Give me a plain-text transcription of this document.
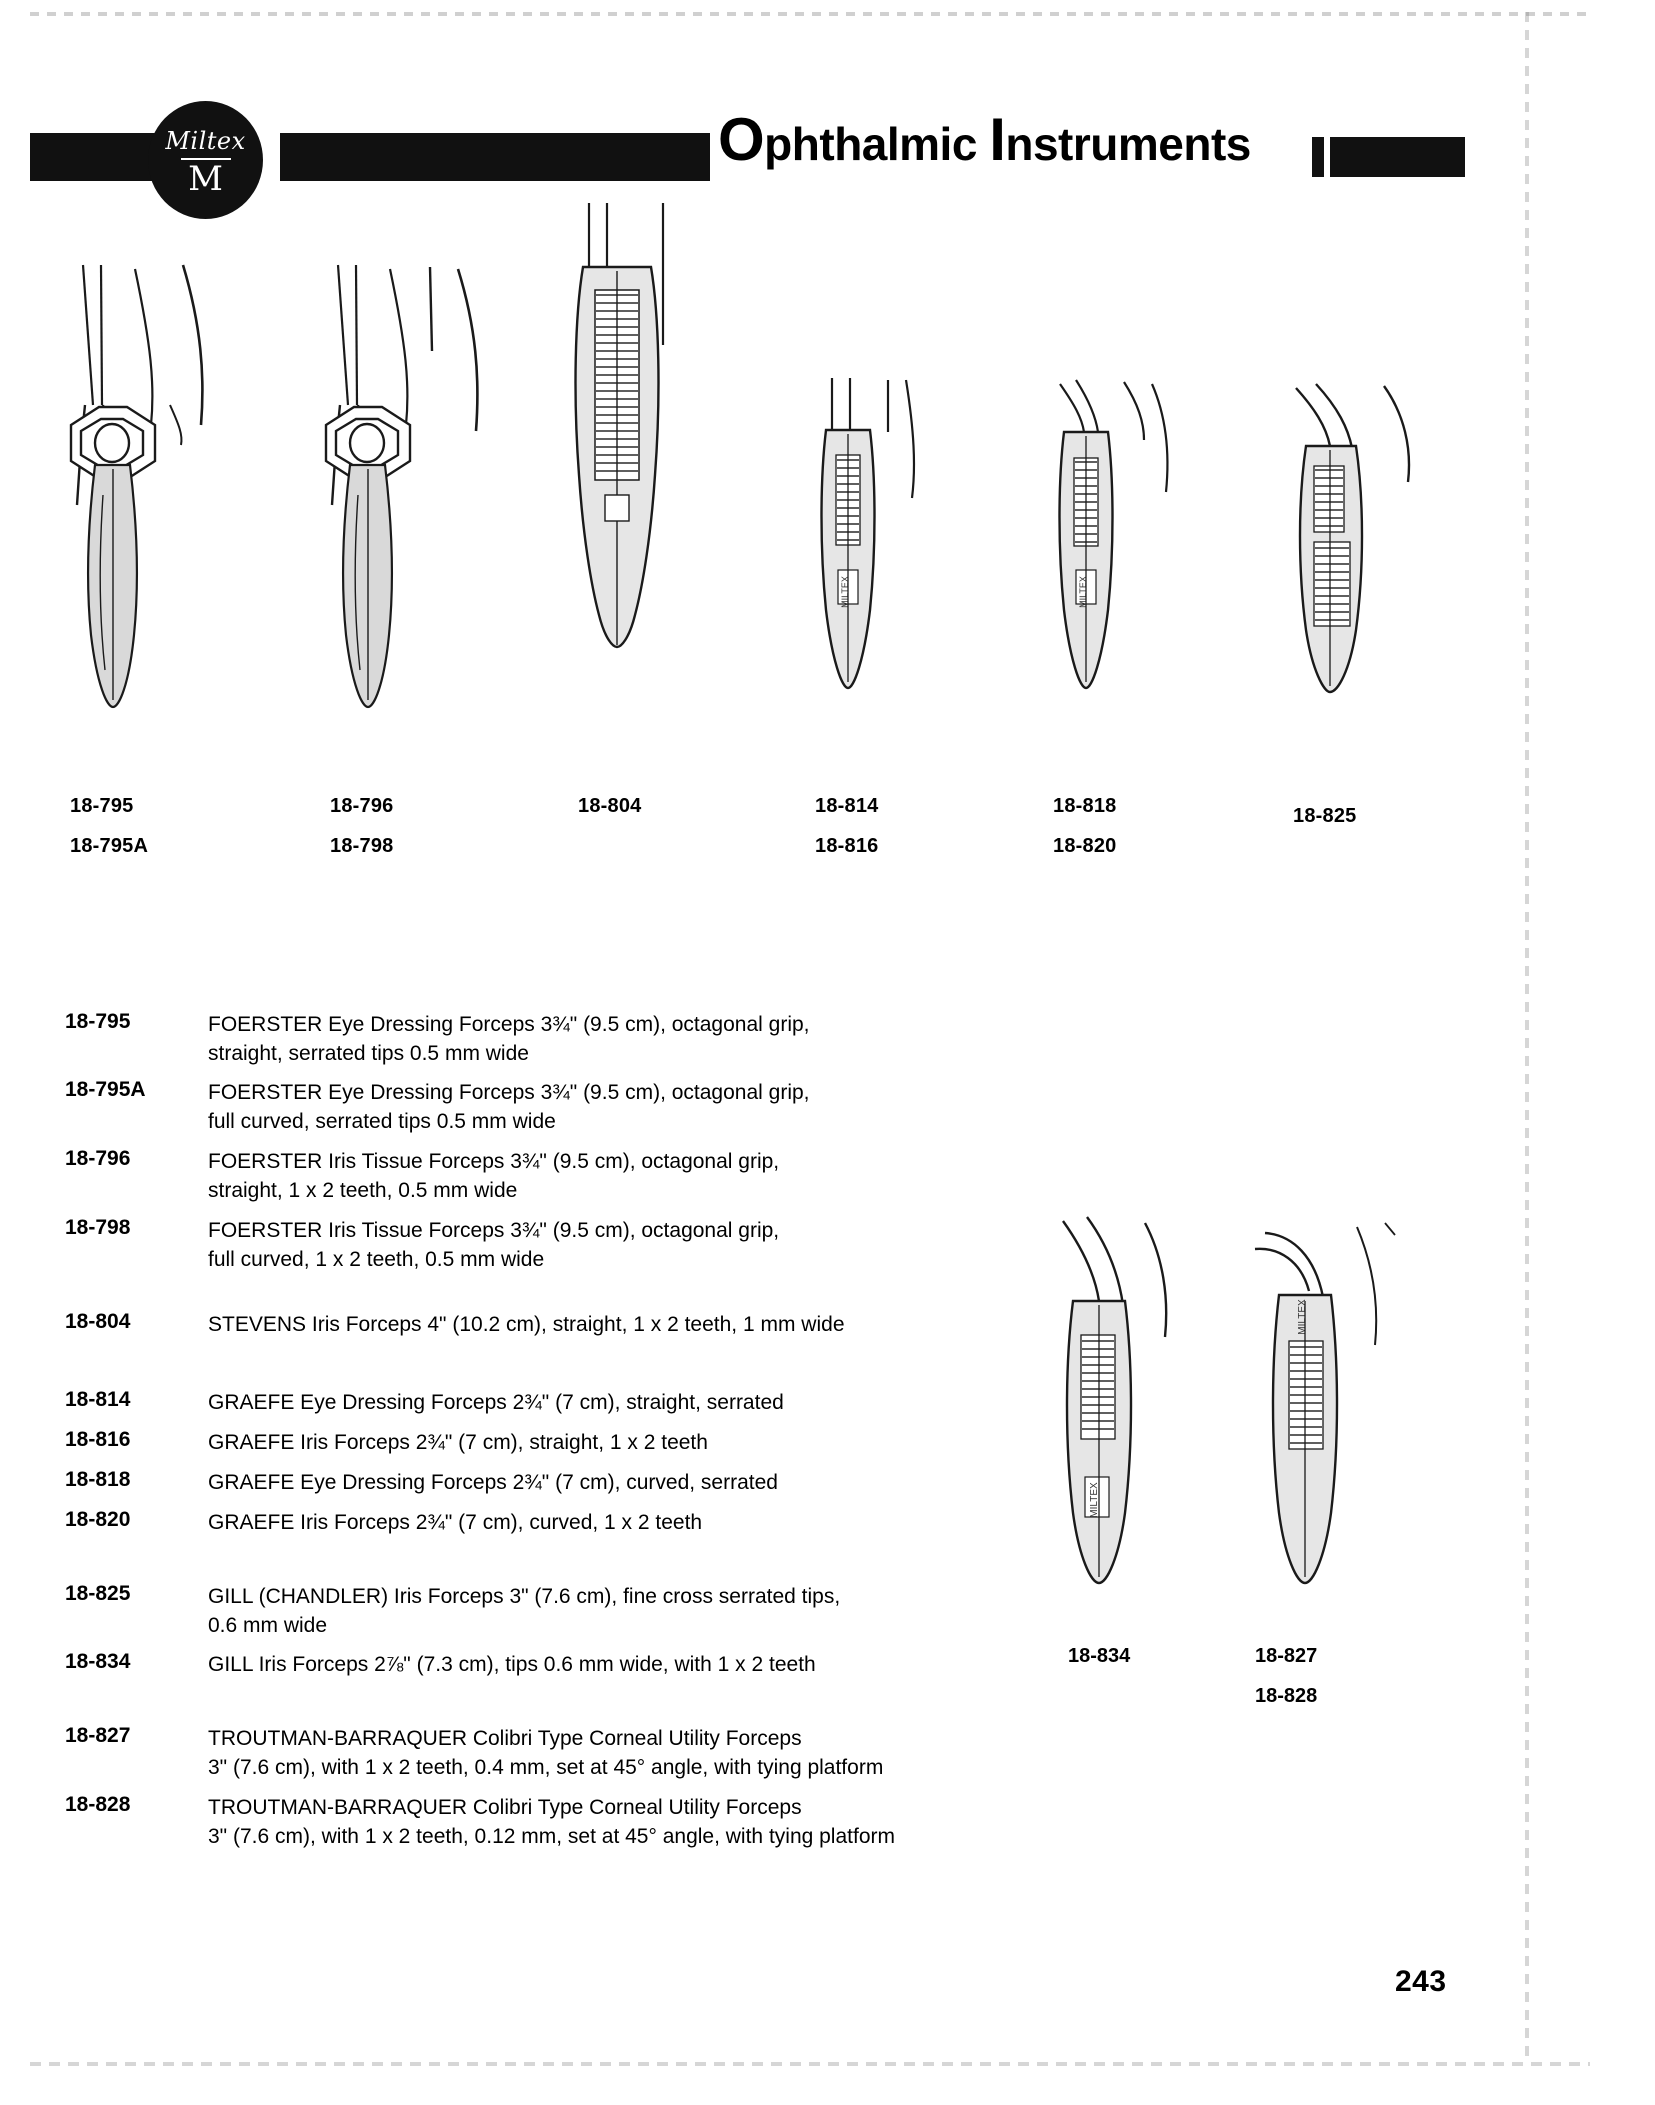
Miltex
M
Ophthalmic Instruments
MILTEX	MILTEX
18-795
18-795A
18-796
18-798
18-804	18-814
18-816
18-818
18-820
18-825
18-795	FOERSTER Eye Dressing Forceps 3¾" (9.5 cm), octagonal grip,
straight, serrated tips 0.5 mm wide
18-795A	FOERSTER Eye Dressing Forceps 3¾" (9.5 cm), octagonal grip,
full curved, serrated tips 0.5 mm wide
18-796	FOERSTER Iris Tissue Forceps 3¾" (9.5 cm), octagonal grip,
straight, 1 x 2 teeth, 0.5 mm wide
18-798	FOERSTER Iris Tissue Forceps 3¾" (9.5 cm), octagonal grip,
full curved, 1 x 2 teeth, 0.5 mm wide
18-804	STEVENS Iris Forceps 4" (10.2 cm), straight, 1 x 2 teeth, 1 mm wide
18-814	GRAEFE Eye Dressing Forceps 2¾" (7 cm), straight, serrated
18-816	GRAEFE Iris Forceps 2¾" (7 cm), straight, 1 x 2 teeth
18-818	GRAEFE Eye Dressing Forceps 2¾" (7 cm), curved, serrated
18-820	GRAEFE Iris Forceps 2¾" (7 cm), curved, 1 x 2 teeth
18-825	GILL (CHANDLER) Iris Forceps 3" (7.6 cm), fine cross serrated tips,
0.6 mm wide
18-834	GILL Iris Forceps 2⅞" (7.3 cm), tips 0.6 mm wide, with 1 x 2 teeth
18-827	TROUTMAN-BARRAQUER Colibri Type Corneal Utility Forceps
3" (7.6 cm), with 1 x 2 teeth, 0.4 mm, set at 45° angle, with tying platform
18-828	TROUTMAN-BARRAQUER Colibri Type Corneal Utility Forceps
3" (7.6 cm), with 1 x 2 teeth, 0.12 mm, set at 45° angle, with tying platform
MILTEX
MILTEX
18-834	18-827
18-828
243
